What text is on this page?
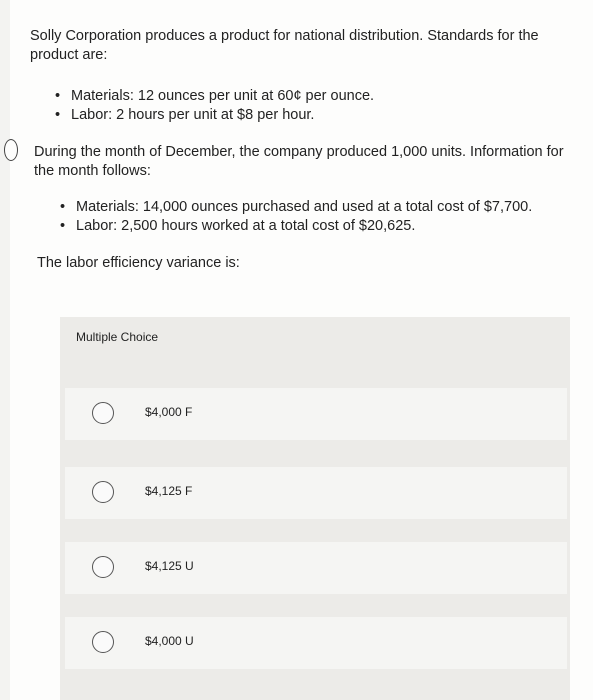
Solly Corporation produces a product for national distribution. Standards for the product are:
• Materials: 12 ounces per unit at 60¢ per ounce.
• Labor: 2 hours per unit at $8 per hour.
During the month of December, the company produced 1,000 units. Information for the month follows:
• Materials: 14,000 ounces purchased and used at a total cost of $7,700.
• Labor: 2,500 hours worked at a total cost of $20,625.
The labor efficiency variance is:
Multiple Choice
$4,000 F
$4,125 F
$4,125 U
$4,000 U
